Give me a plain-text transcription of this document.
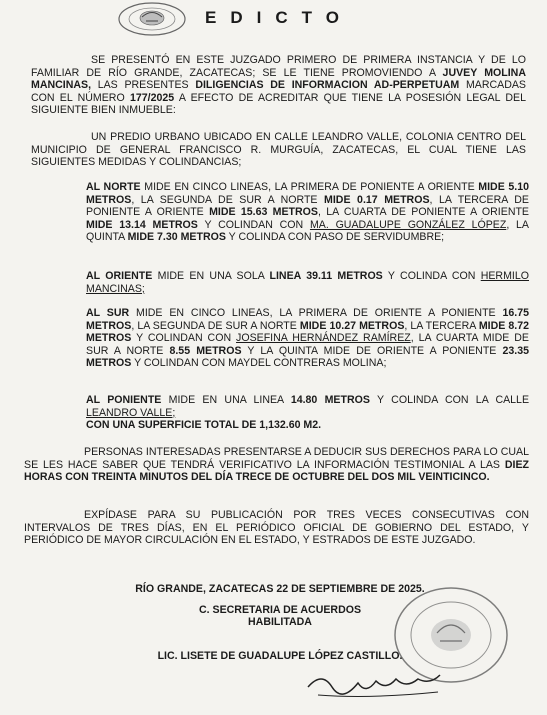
EDICTO
SE PRESENTÓ EN ESTE JUZGADO PRIMERO DE PRIMERA INSTANCIA Y DE LO FAMILIAR DE RÍO GRANDE, ZACATECAS; SE LE TIENE PROMOVIENDO A JUVEY MOLINA MANCINAS, LAS PRESENTES DILIGENCIAS DE INFORMACION AD-PERPETUAM MARCADAS CON EL NÚMERO 177/2025 A EFECTO DE ACREDITAR QUE TIENE LA POSESIÓN LEGAL DEL SIGUIENTE BIEN INMUEBLE:
UN PREDIO URBANO UBICADO EN CALLE LEANDRO VALLE, COLONIA CENTRO DEL MUNICIPIO DE GENERAL FRANCISCO R. MURGUÍA, ZACATECAS, EL CUAL TIENE LAS SIGUIENTES MEDIDAS Y COLINDANCIAS;
AL NORTE MIDE EN CINCO LINEAS, LA PRIMERA DE PONIENTE A ORIENTE MIDE 5.10 METROS, LA SEGUNDA DE SUR A NORTE MIDE 0.17 METROS, LA TERCERA DE PONIENTE A ORIENTE MIDE 15.63 METROS, LA CUARTA DE PONIENTE A ORIENTE MIDE 13.14 METROS Y COLINDAN CON MA. GUADALUPE GONZÁLEZ LÓPEZ, LA QUINTA MIDE 7.30 METROS Y COLINDA CON PASO DE SERVIDUMBRE;
AL ORIENTE MIDE EN UNA SOLA LINEA 39.11 METROS Y COLINDA CON HERMILO MANCINAS;
AL SUR MIDE EN CINCO LINEAS, LA PRIMERA DE ORIENTE A PONIENTE 16.75 METROS, LA SEGUNDA DE SUR A NORTE MIDE 10.27 METROS, LA TERCERA MIDE 8.72 METROS Y COLINDAN CON JOSEFINA HERNÁNDEZ RAMÍREZ, LA CUARTA MIDE DE SUR A NORTE 8.55 METROS Y LA QUINTA MIDE DE ORIENTE A PONIENTE 23.35 METROS Y COLINDAN CON MAYDEL CONTRERAS MOLINA;
AL PONIENTE MIDE EN UNA LINEA 14.80 METROS Y COLINDA CON LA CALLE LEANDRO VALLE;
CON UNA SUPERFICIE TOTAL DE 1,132.60 M2.
PERSONAS INTERESADAS PRESENTARSE A DEDUCIR SUS DERECHOS PARA LO CUAL SE LES HACE SABER QUE TENDRÁ VERIFICATIVO LA INFORMACIÓN TESTIMONIAL A LAS DIEZ HORAS CON TREINTA MINUTOS DEL DÍA TRECE DE OCTUBRE DEL DOS MIL VEINTICINCO.
EXPÍDASE PARA SU PUBLICACIÓN POR TRES VECES CONSECUTIVAS CON INTERVALOS DE TRES DÍAS, EN EL PERIÓDICO OFICIAL DE GOBIERNO DEL ESTADO, Y PERIÓDICO DE MAYOR CIRCULACIÓN EN EL ESTADO, Y ESTRADOS DE ESTE JUZGADO.
RÍO GRANDE, ZACATECAS 22 DE SEPTIEMBRE DE 2025.
C. SECRETARIA DE ACUERDOS
HABILITADA
LIC. LISETE DE GUADALUPE LÓPEZ CASTILLO.
